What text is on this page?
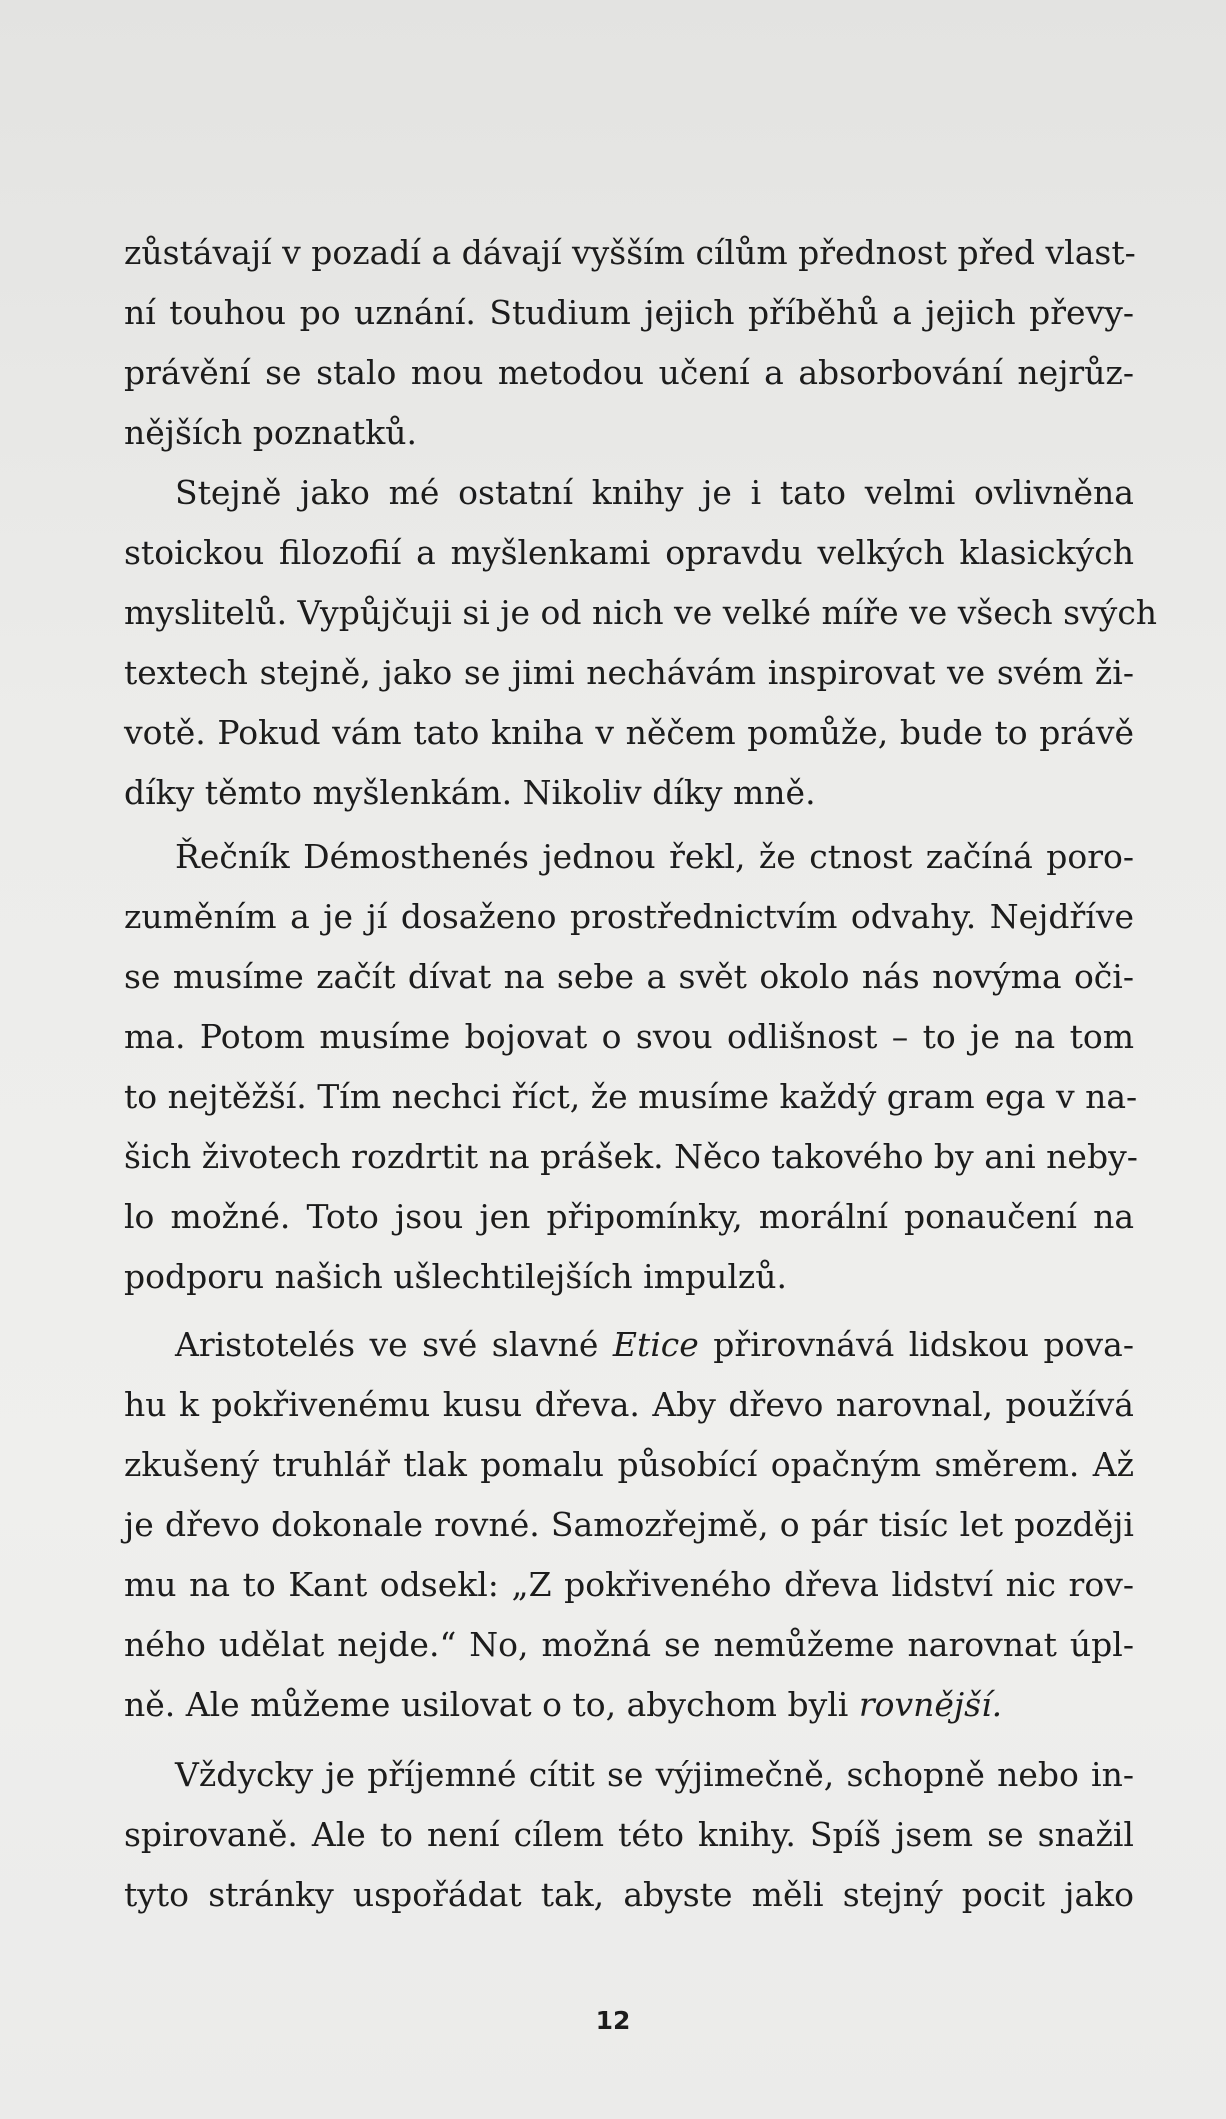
zůstávají v pozadí a dávají vyšším cílům přednost před vlast-

ní touhou po uznání. Studium jejich příběhů a jejich převy-

právění se stalo mou metodou učení a absorbování nejrůz-

nějších poznatků.

Stejně jako mé ostatní knihy je i tato velmi ovlivněna

stoickou filozofií a myšlenkami opravdu velkých klasických

myslitelů. Vypůjčuji si je od nich ve velké míře ve všech svých

textech stejně, jako se jimi nechávám inspirovat ve svém ži-

votě. Pokud vám tato kniha v něčem pomůže, bude to právě

díky těmto myšlenkám. Nikoliv díky mně.

Řečník Démosthenés jednou řekl, že ctnost začíná poro-

zuměním a je jí dosaženo prostřednictvím odvahy. Nejdříve

se musíme začít dívat na sebe a svět okolo nás novýma oči-

ma. Potom musíme bojovat o svou odlišnost – to je na tom

to nejtěžší. Tím nechci říct, že musíme každý gram ega v na-

šich životech rozdrtit na prášek. Něco takového by ani neby-

lo možné. Toto jsou jen připomínky, morální ponaučení na

podporu našich ušlechtilejších impulzů.

Aristotelés ve své slavné Etice přirovnává lidskou pova-

hu k pokřivenému kusu dřeva. Aby dřevo narovnal, používá

zkušený truhlář tlak pomalu působící opačným směrem. Až

je dřevo dokonale rovné. Samozřejmě, o pár tisíc let později

mu na to Kant odsekl: „Z pokřiveného dřeva lidství nic rov-

ného udělat nejde.“ No, možná se nemůžeme narovnat úpl-

ně. Ale můžeme usilovat o to, abychom byli rovnější.

Vždycky je příjemné cítit se výjimečně, schopně nebo in-

spirovaně. Ale to není cílem této knihy. Spíš jsem se snažil

tyto stránky uspořádat tak, abyste měli stejný pocit jako

12
